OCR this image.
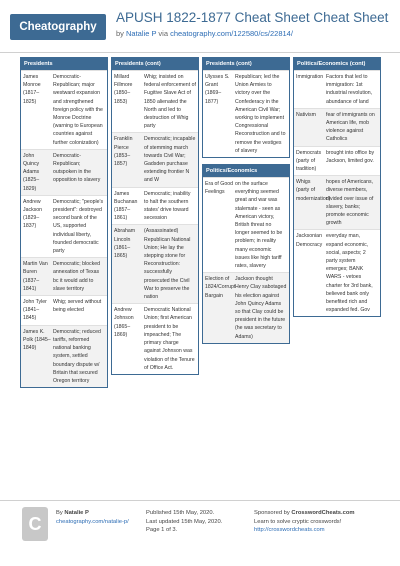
Cheatography
APUSH 1822-1877 Cheat Sheet Cheat Sheet
by Natalie P via cheatography.com/122580/cs/22814/
Presidents
James Monroe (1817–1825)
Democratic-Republican; major westward expansion and strengthened foreign policy with the Monroe Doctrine (warning to European countries against further colonization)
John Quincy Adams (1825–1829)
Democratic-Republican; outspoken in the opposition to slavery
Andrew Jackson (1829–1837)
Democratic; "people's president": destroyed second bank of the US, supported individual liberty, founded democratic party
Martin Van Buren (1837–1841)
Democratic; blocked annexation of Texas bc it would add to slave territory
John Tyler (1841–1845)
Whig; served without being elected
James K. Polk (1845–1849)
Democratic; reduced tariffs, reformed national banking system, settled boundary dispute w/ Britain that secured Oregon territory
Presidents (cont)
Millard Fillmore (1850–1853)
Whig; insisted on federal enforcement of Fugitive Slave Act of 1850 alienated the North and led to destruction of Whig party
Franklin Pierce (1853–1857)
Democratic; incapable of stemming march towards Civil War; Gadsden purchase extending frontier N and W
James Buchanan (1857–1861)
Democratic; inability to halt the southern states' drive toward secession
Abraham Lincoln (1861–1865)
(Assassinated) Republican National Union; He lay the stepping stone for Reconstruction: successfully prosecuted the Civil War to preserve the nation
Andrew Johnson (1865–1869)
Democratic National Union; first American president to be impeached; The primary charge against Johnson was violation of the Tenure of Office Act.
Presidents (cont)
Ulysses S. Grant (1869–1877)
Republican; led the Union Armies to victory over the Confederacy in the American Civil War; working to implement Congressional Reconstruction and to remove the vestiges of slavery
Politics/Economics
Era of Good Feelings
on the surface everything seemed great and war was stalemate - seen as American victory, British threat no longer seemed to be problem; in reality many economic issues like high tariff rates, slavery
Election of 1824/Corrupt Bargain
Jackson thought Henry Clay sabotaged his election against John Quincy Adams so that Clay could be president in the future (he was secretary to Adams)
Politics/Economics (cont)
Immigration Factors that led to immigration: 1st industrial revolution, abundance of land
Nativism	fear of immigrants on American life, mob violence against Catholics
Democrats (party of tradition)
brought into office by Jackson, limited gov.
Whigs (party of modernization)
hopes of Americans, diverse members, divided over issue of slavery, banks; promote economic growth
Jacksonian Democracy
everyday man, expand economic, social, aspects; 2 party system emerges; BANK WARS - vetoes charter for 3rd bank, believed bank only benefited rich and expanded fed. Gov
C
By Natalie P
cheatography.com/natalie-p/
Published 15th May, 2020.
Last updated 15th May, 2020.
Page 1 of 3.
Sponsored by CrosswordCheats.com
Learn to solve cryptic crosswords!
http://crosswordcheats.com
